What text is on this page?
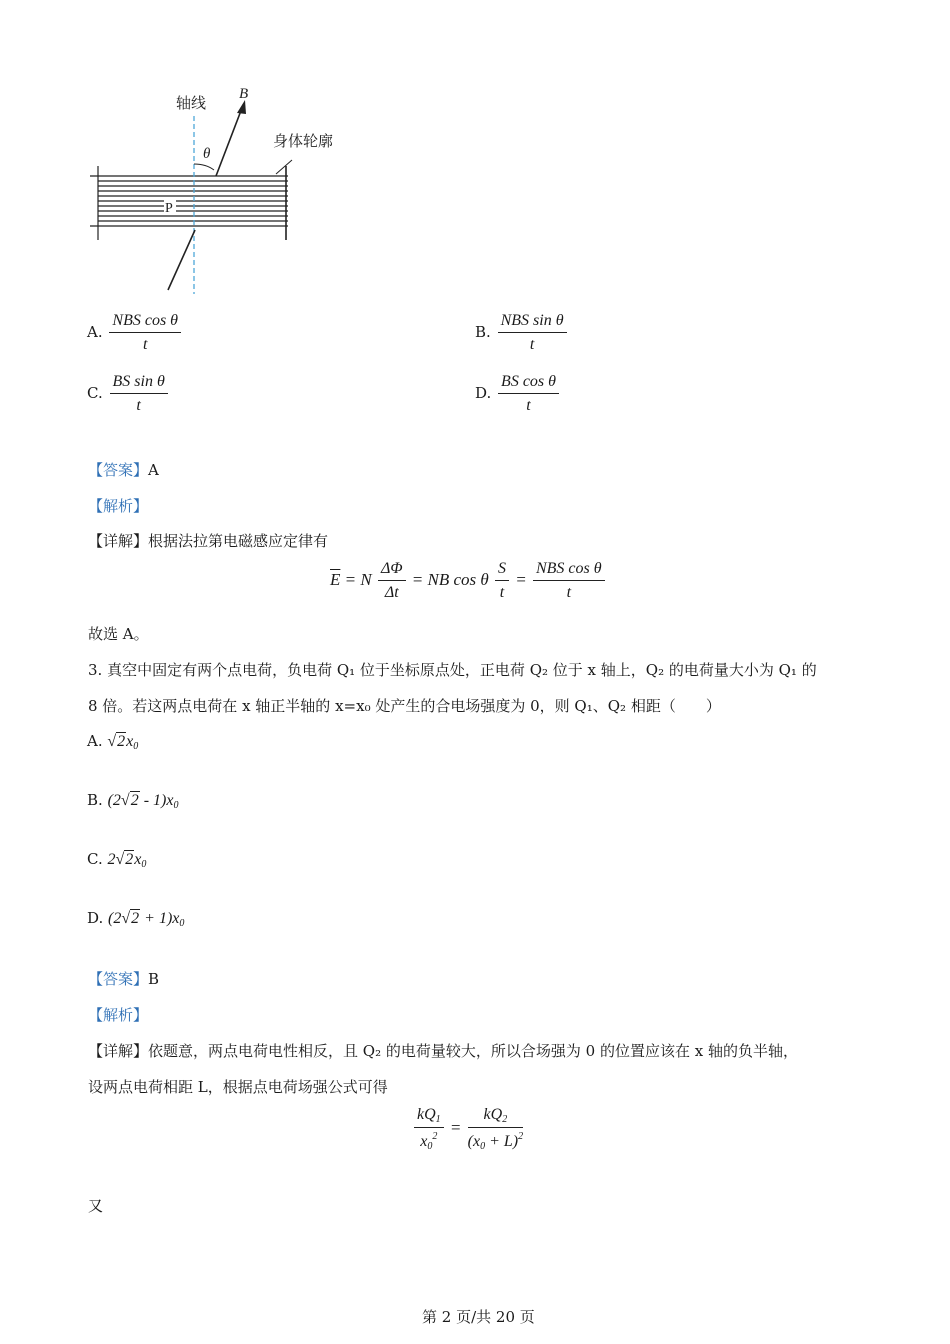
轴线 B
θ
身体轮廓
P
A. $\frac{\text{NBS cos θ}}{t}$	B. $\frac{\text{NBS sin θ}}{t}$
C. $\frac{\text{BS sin θ}}{t}$	D. $\frac{\text{BS cos θ}}{t}$
【答案】A
【解析】
【详解】根据法拉第电磁感应定律有
$\overline{E} = N \frac{\Delta\Phi}{\Delta t}$ = NB cos θ $\frac{S}{t} = \frac{\text{NBS cos θ}}{t}$
故选 A。
3. 真空中固定有两个点电荷，负电荷 Q₁ 位于坐标原点处，正电荷 Q₂ 位于 x 轴上，Q₂ 的电荷量大小为 Q₁ 的
8 倍。若这两点电荷在 x 轴正半轴的 x=x₀ 处产生的合电场强度为 0，则 Q₁、Q₂ 相距（　　）
A. $√2x_0$
B. $(2√2 - 1)x_0$
C. $2√2x_0$
D. $(2√2 + 1)x_0$
【答案】B
【解析】
【详解】依题意，两点电荷电性相反，且 Q₂ 的电荷量较大，所以合场强为 0 的位置应该在 x 轴的负半轴，
设两点电荷相距 L，根据点电荷场强公式可得
$\frac{kQ_1}{x_0^2} = \frac{kQ_2}{(x_0 + L)^2}$
又
第 2 页/共 20 页
